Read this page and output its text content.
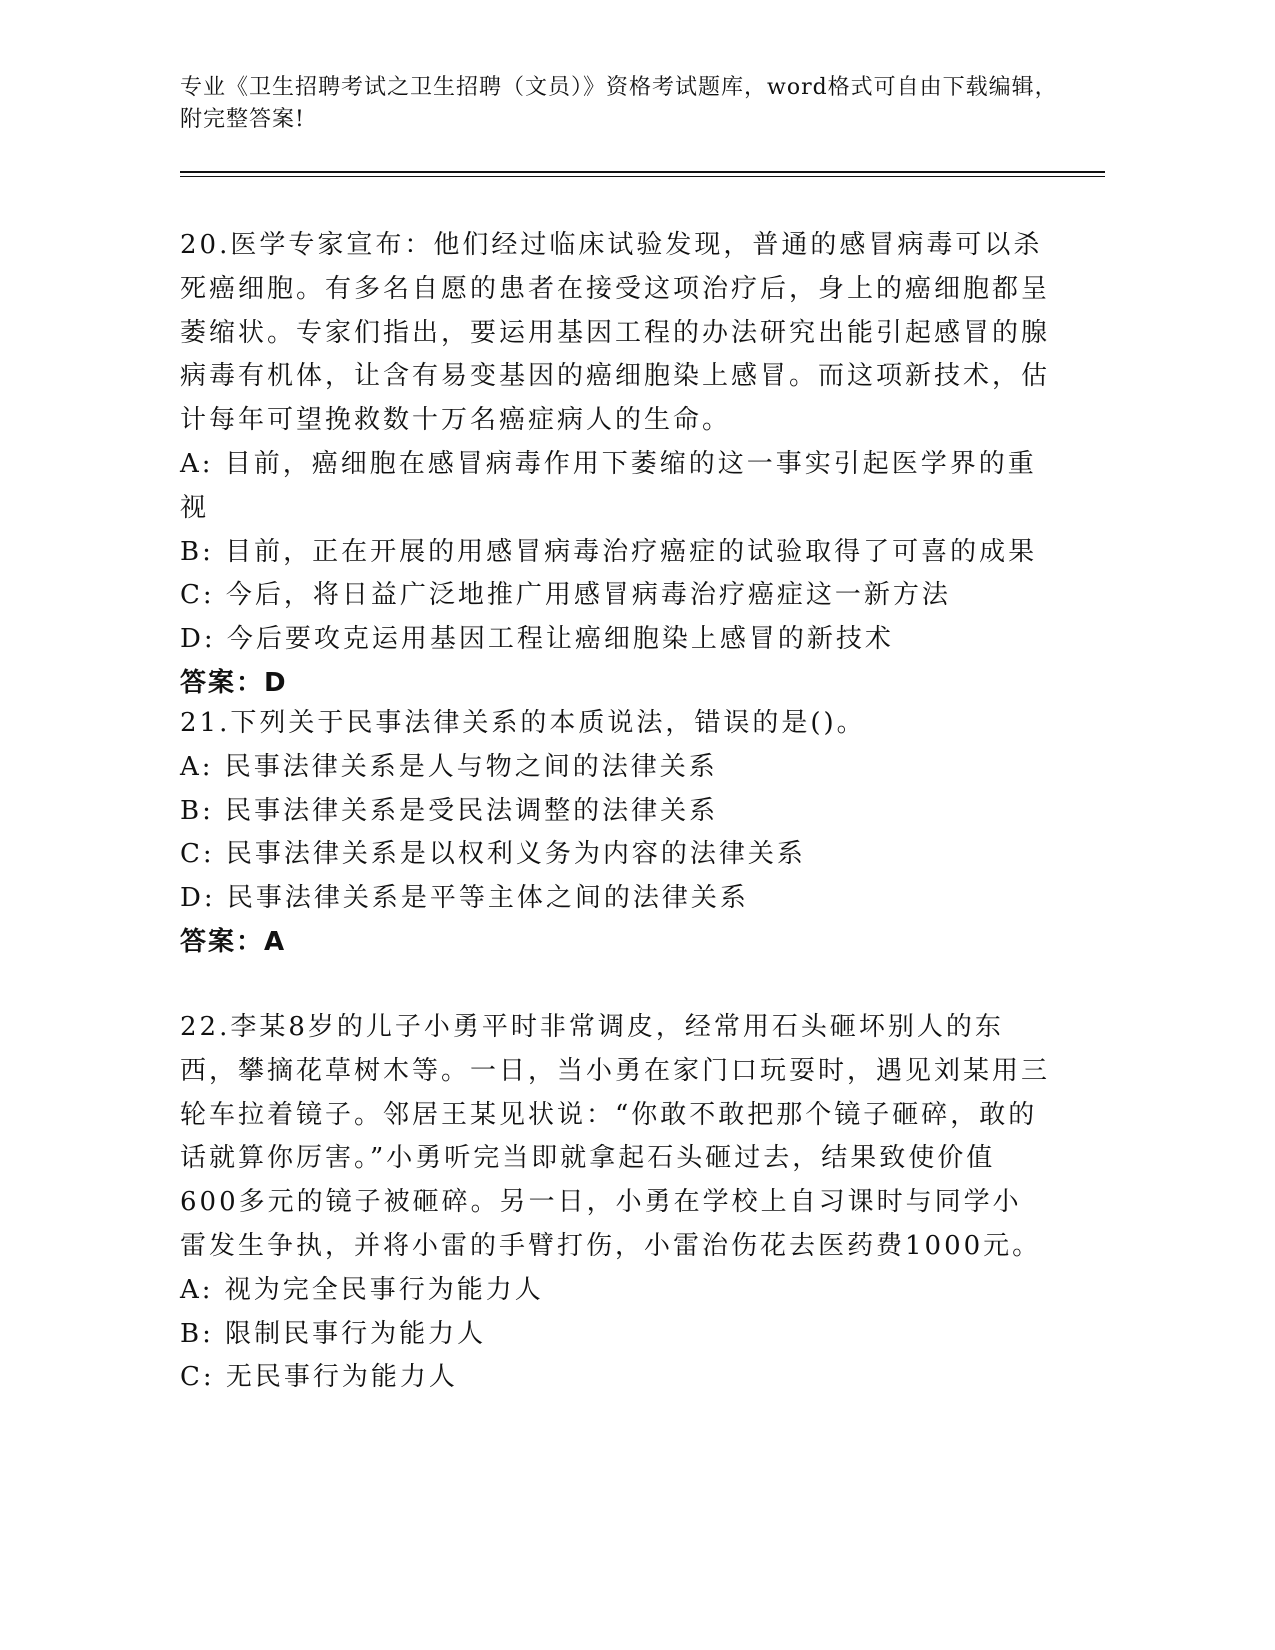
专业《卫生招聘考试之卫生招聘（文员）》资格考试题库，word格式可自由下载编辑，附完整答案!

20.医学专家宣布：他们经过临床试验发现，普通的感冒病毒可以杀死癌细胞。有多名自愿的患者在接受这项治疗后，身上的癌细胞都呈萎缩状。专家们指出，要运用基因工程的办法研究出能引起感冒的腺病毒有机体，让含有易变基因的癌细胞染上感冒。而这项新技术，估计每年可望挽救数十万名癌症病人的生命。

A: 目前，癌细胞在感冒病毒作用下萎缩的这一事实引起医学界的重视

B: 目前，正在开展的用感冒病毒治疗癌症的试验取得了可喜的成果

C: 今后，将日益广泛地推广用感冒病毒治疗癌症这一新方法

D: 今后要攻克运用基因工程让癌细胞染上感冒的新技术

答案：D

21.下列关于民事法律关系的本质说法，错误的是()。

A: 民事法律关系是人与物之间的法律关系

B: 民事法律关系是受民法调整的法律关系

C: 民事法律关系是以权利义务为内容的法律关系

D: 民事法律关系是平等主体之间的法律关系

答案：A

22.李某8岁的儿子小勇平时非常调皮，经常用石头砸坏别人的东西，攀摘花草树木等。一日，当小勇在家门口玩耍时，遇见刘某用三轮车拉着镜子。邻居王某见状说：“你敢不敢把那个镜子砸碎，敢的话就算你厉害。”小勇听完当即就拿起石头砸过去，结果致使价值600多元的镜子被砸碎。另一日，小勇在学校上自习课时与同学小雷发生争执，并将小雷的手臂打伤，小雷治伤花去医药费1000元。

A: 视为完全民事行为能力人

B: 限制民事行为能力人

C: 无民事行为能力人
